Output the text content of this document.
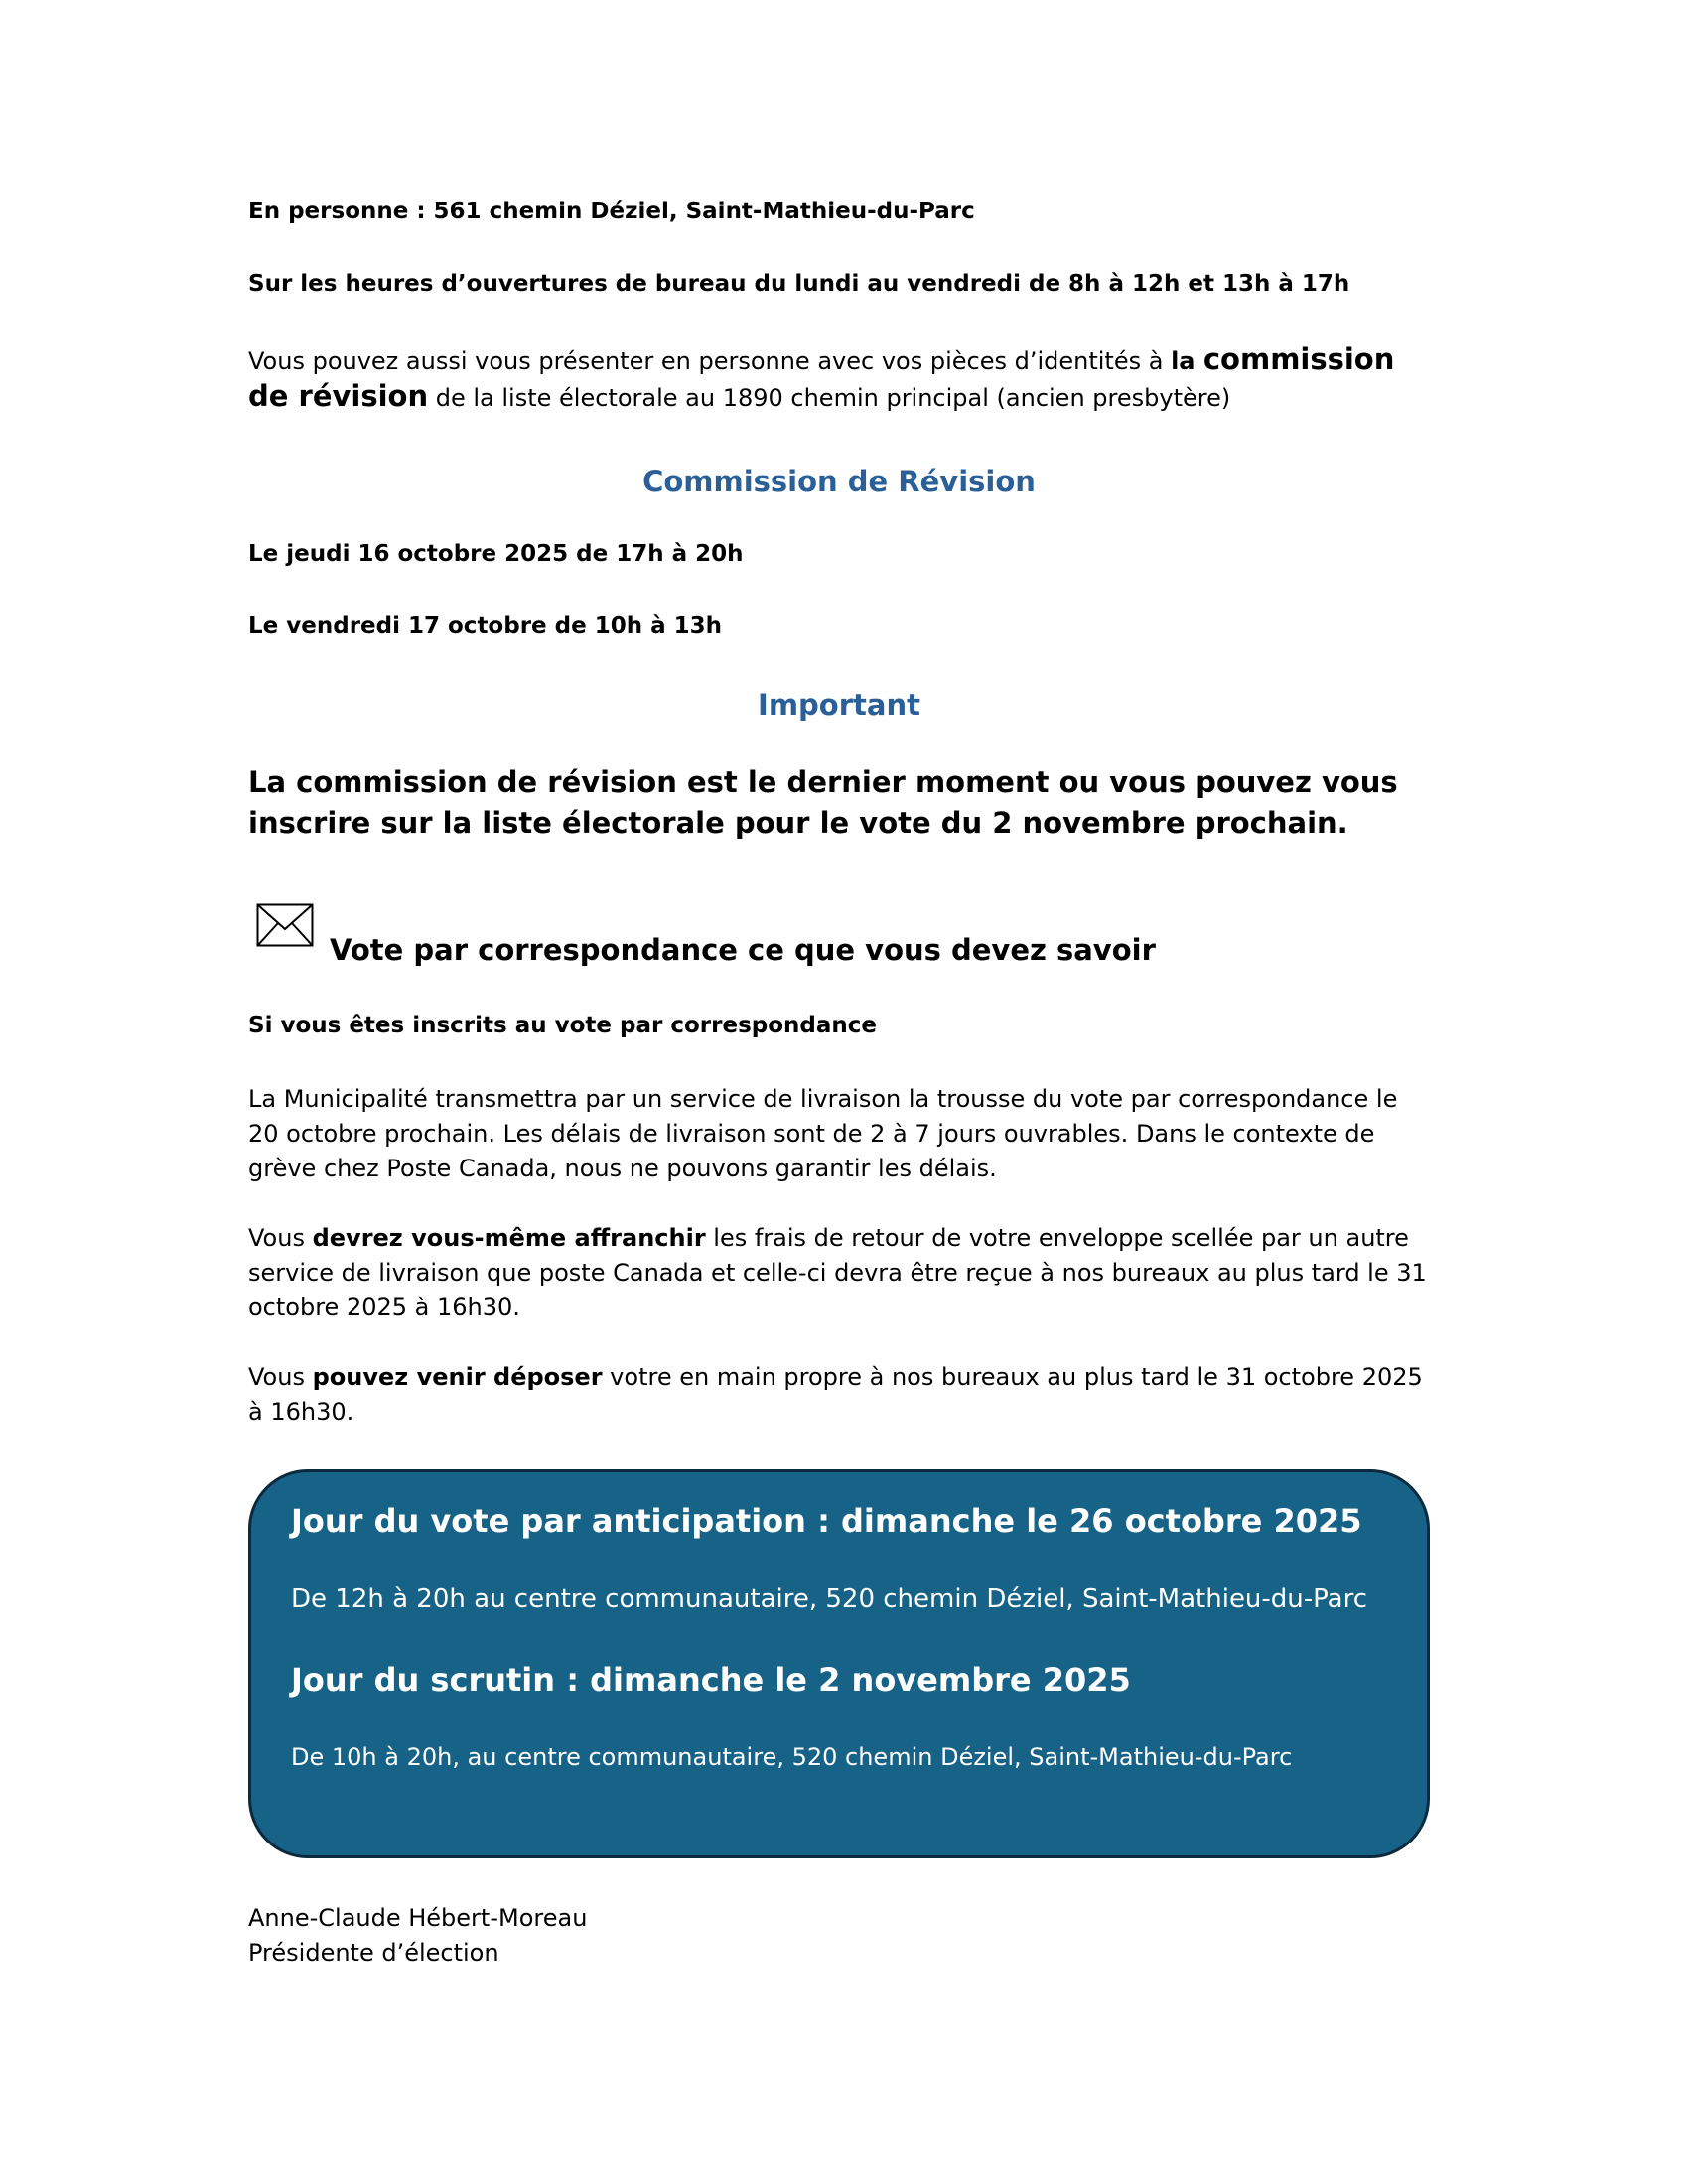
En personne : 561 chemin Déziel, Saint-Mathieu-du-Parc

Sur les heures d’ouvertures de bureau du lundi au vendredi de 8h à 12h et 13h à 17h

Vous pouvez aussi vous présenter en personne avec vos pièces d’identités à la commission de révision de la liste électorale au 1890 chemin principal (ancien presbytère)

Commission de Révision

Le jeudi 16 octobre 2025 de 17h à 20h

Le vendredi 17 octobre de 10h à 13h

Important

La commission de révision est le dernier moment ou vous pouvez vous inscrire sur la liste électorale pour le vote du 2 novembre prochain.

Vote par correspondance ce que vous devez savoir

Si vous êtes inscrits au vote par correspondance

La Municipalité transmettra par un service de livraison la trousse du vote par correspondance le 20 octobre prochain. Les délais de livraison sont de 2 à 7 jours ouvrables. Dans le contexte de grève chez Poste Canada, nous ne pouvons garantir les délais.

Vous devrez vous-même affranchir les frais de retour de votre enveloppe scellée par un autre service de livraison que poste Canada et celle-ci devra être reçue à nos bureaux au plus tard le 31 octobre 2025 à 16h30.

Vous pouvez venir déposer votre en main propre à nos bureaux au plus tard le 31 octobre 2025 à 16h30.

Jour du vote par anticipation : dimanche le 26 octobre 2025

De 12h à 20h au centre communautaire, 520 chemin Déziel, Saint-Mathieu-du-Parc

Jour du scrutin : dimanche le 2 novembre 2025

De 10h à 20h, au centre communautaire, 520 chemin Déziel, Saint-Mathieu-du-Parc

Anne-Claude Hébert-Moreau
Présidente d’élection
